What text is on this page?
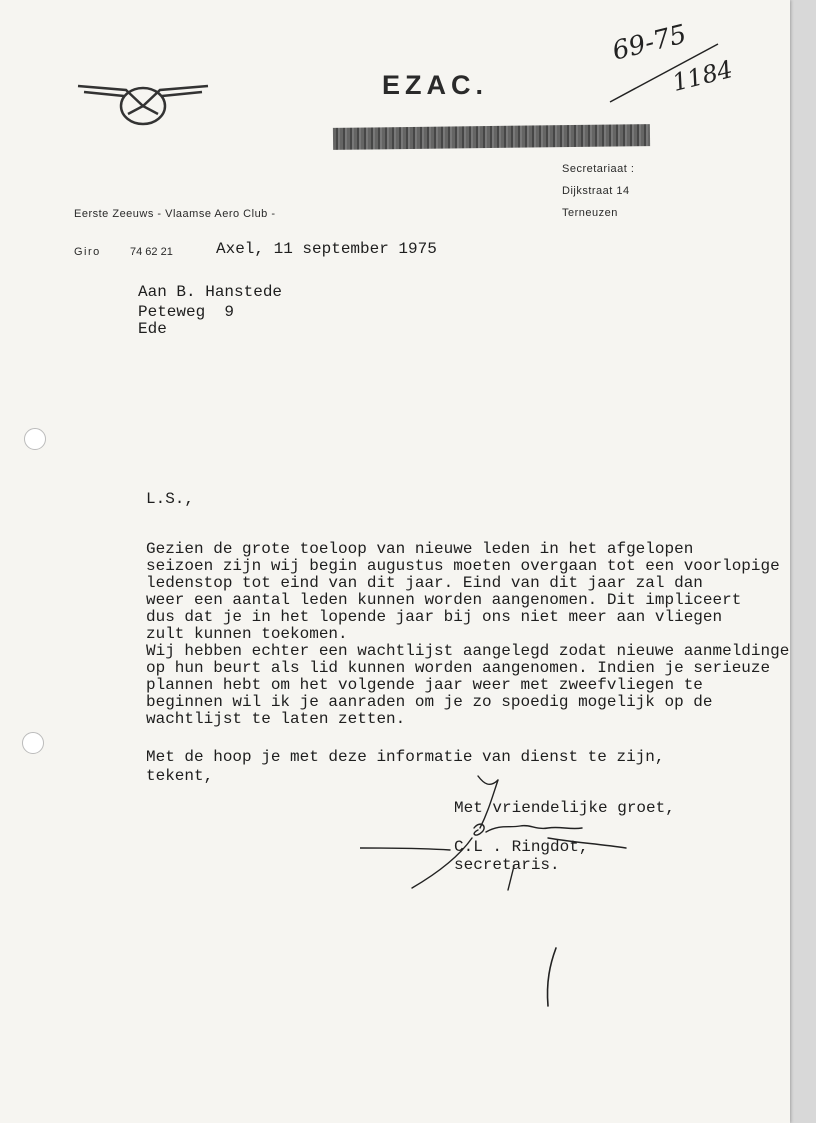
EZAC.
Secretariaat :
Dijkstraat 14
Terneuzen
Eerste Zeeuws - Vlaamse Aero Club -
Giro	74 62 21
69-75
1184
Axel, 11 september 1975
Aan B. Hanstede
Peteweg  9
Ede
L.S.,
Gezien de grote toeloop van nieuwe leden in het afgelopen
seizoen zijn wij begin augustus moeten overgaan tot een voorlopige
ledenstop tot eind van dit jaar. Eind van dit jaar zal dan
weer een aantal leden kunnen worden aangenomen. Dit impliceert
dus dat je in het lopende jaar bij ons niet meer aan vliegen
zult kunnen toekomen.
Wij hebben echter een wachtlijst aangelegd zodat nieuwe aanmeldinge
op hun beurt als lid kunnen worden aangenomen. Indien je serieuze
plannen hebt om het volgende jaar weer met zweefvliegen te
beginnen wil ik je aanraden om je zo spoedig mogelijk op de
wachtlijst te laten zetten.
Met de hoop je met deze informatie van dienst te zijn,
tekent,
Met vriendelijke groet,
C.L . Ringdot,
secretaris.
